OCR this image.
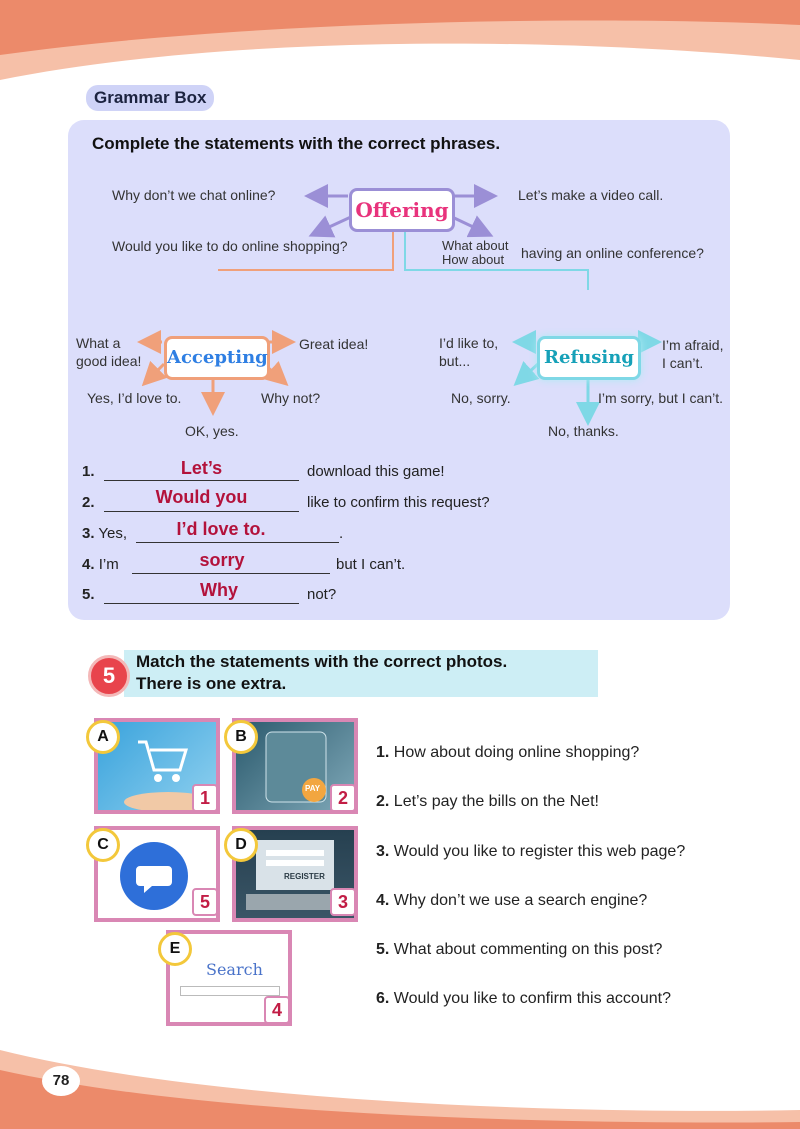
Grammar Box
Complete the statements with the correct phrases.
Offering
Why don’t we chat online?	Let’s make a video call.
Would you like to do online shopping?	What about
How about	having an online conference?
Accepting
What a
good idea!
Great idea!
Yes, I’d love to.	Why not?
OK, yes.
Refusing
I’d like to,
but...
I’m afraid,
I can’t.
No, sorry.	I’m sorry, but I can’t.
No, thanks.
1.	Let’s	download this game!
2.	Would you	like to confirm this request?
3. Yes,	I’d love to.	.
4. I’m	sorry	but I can’t.
5.	Why	not?
Match the statements with the correct photos.
There is one extra.
5
A
1	PAY
B
2
C
5
REGISTER
D
3
Search
E
4
1. How about doing online shopping?
2. Let’s pay the bills on the Net!
3. Would you like to register this web page?
4. Why don’t we use a search engine?
5. What about commenting on this post?
6. Would you like to confirm this account?
78
